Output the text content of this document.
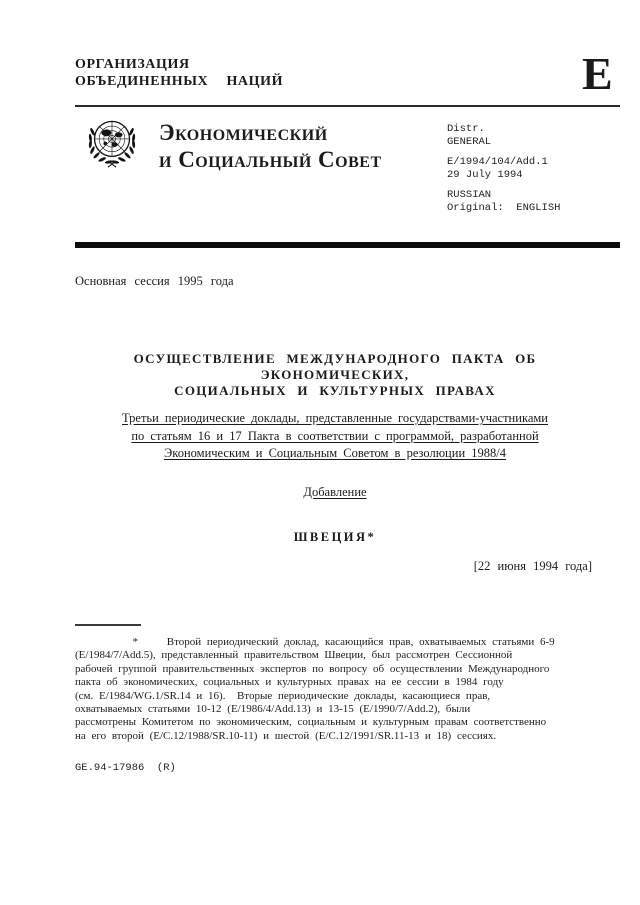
ОРГАНИЗАЦИЯ
ОБЪЕДИНЕННЫХ  НАЦИЙ	E
Экономический
и Социальный Совет
Distr.
GENERAL
E/1994/104/Add.1
29 July 1994
RUSSIAN
Original:  ENGLISH
Основная сессия 1995 года
ОСУЩЕСТВЛЕНИЕ МЕЖДУНАРОДНОГО ПАКТА ОБ ЭКОНОМИЧЕСКИХ,
СОЦИАЛЬНЫХ И КУЛЬТУРНЫХ ПРАВАХ
Третьи периодические доклады, представленные государствами-участниками
по статьям 16 и 17 Пакта в соответствии с программой, разработанной
Экономическим и Социальным Советом в резолюции 1988/4
Добавление
ШВЕЦИЯ*
[22 июня 1994 года]
*     Второй периодический доклад, касающийся прав, охватываемых статьями 6-9
(E/1984/7/Add.5), представленный правительством Швеции, был рассмотрен Сессионной
рабочей группой правительственных экспертов по вопросу об осуществлении Международного
пакта об экономических, социальных и культурных правах на ее сессии в 1984 году
(см. E/1984/WG.1/SR.14 и 16).  Вторые периодические доклады, касающиеся прав,
охватываемых статьями 10-12 (E/1986/4/Add.13) и 13-15 (E/1990/7/Add.2), были
рассмотрены Комитетом по экономическим, социальным и культурным правам соответственно
на его второй (E/C.12/1988/SR.10-11) и шестой (E/C.12/1991/SR.11-13 и 18) сессиях.
GE.94-17986  (R)
